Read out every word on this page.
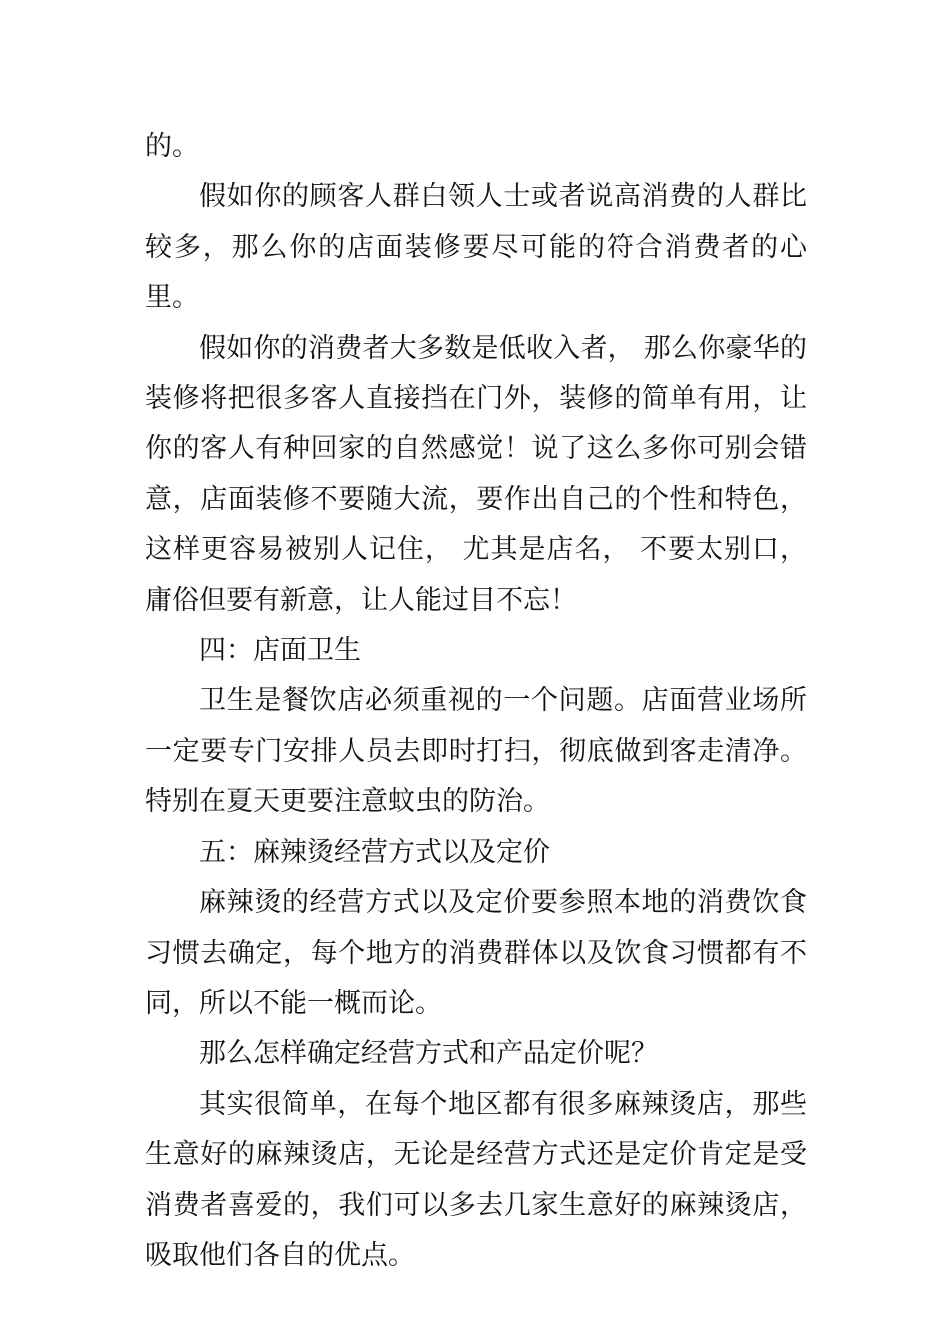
的。

假如你的顾客人群白领人士或者说高消费的人群比较多，那么你的店面装修要尽可能的符合消费者的心里。

假如你的消费者大多数是低收入者， 那么你豪华的装修将把很多客人直接挡在门外，装修的简单有用，让你的客人有种回家的自然感觉！说了这么多你可别会错意，店面装修不要随大流，要作出自己的个性和特色，这样更容易被别人记住， 尤其是店名， 不要太别口， 庸俗但要有新意，让人能过目不忘！

四：店面卫生

卫生是餐饮店必须重视的一个问题。店面营业场所一定要专门安排人员去即时打扫，彻底做到客走清净。特别在夏天更要注意蚊虫的防治。

五：麻辣烫经营方式以及定价

麻辣烫的经营方式以及定价要参照本地的消费饮食习惯去确定，每个地方的消费群体以及饮食习惯都有不同，所以不能一概而论。

那么怎样确定经营方式和产品定价呢？

其实很简单，在每个地区都有很多麻辣烫店，那些生意好的麻辣烫店，无论是经营方式还是定价肯定是受消费者喜爱的，我们可以多去几家生意好的麻辣烫店，吸取他们各自的优点。
